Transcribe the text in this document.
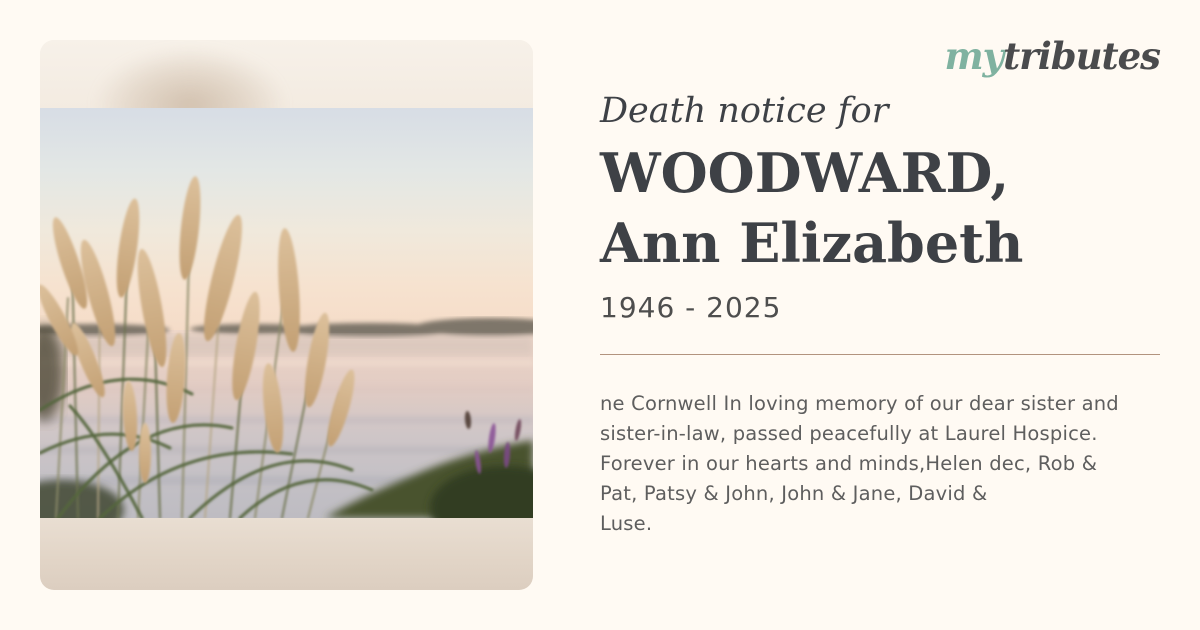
mytributes
Death notice for
WOODWARD,
Ann Elizabeth
1946 - 2025
ne Cornwell In loving memory of our dear sister and
sister-in-law, passed peacefully at Laurel Hospice.
Forever in our hearts and minds,Helen dec, Rob &
Pat, Patsy & John, John & Jane, David &
Luse.
